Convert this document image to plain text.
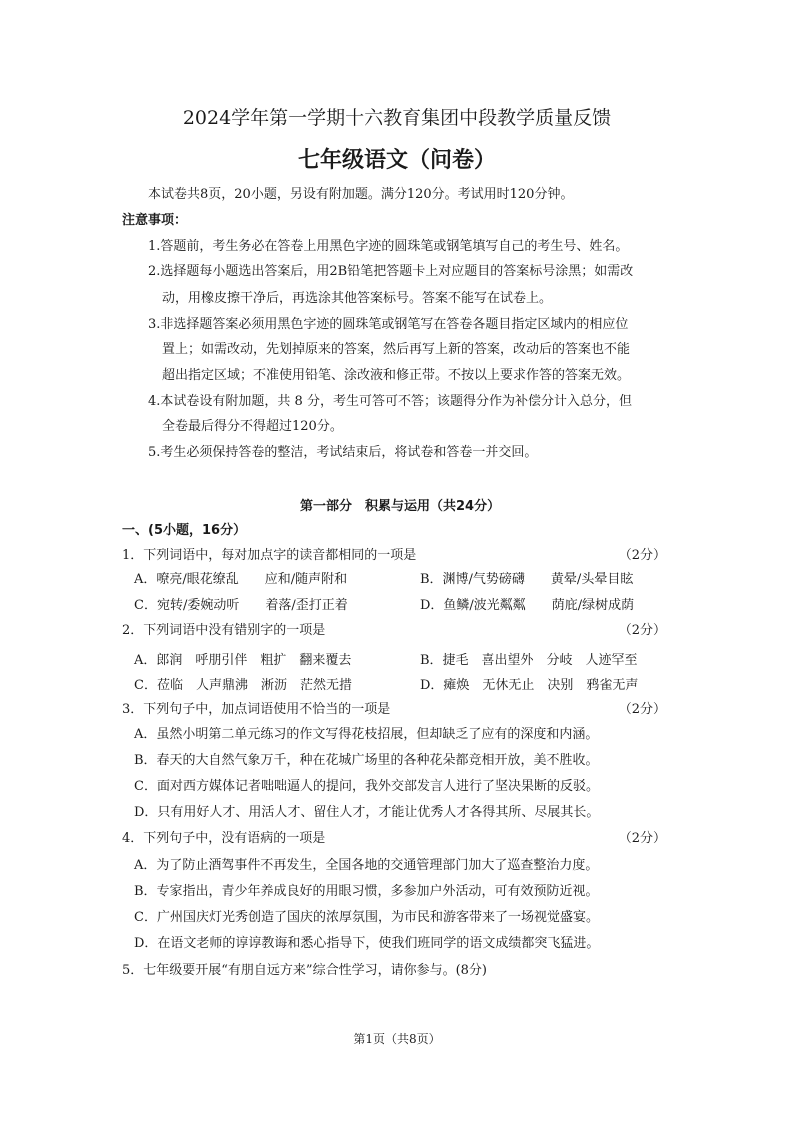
2024学年第一学期十六教育集团中段教学质量反馈
七年级语文（问卷）
本试卷共8页，20小题，另设有附加题。满分120分。考试用时120分钟。
注意事项：
1.答题前，考生务必在答卷上用黑色字迹的圆珠笔或钢笔填写自己的考生号、姓名。
2.选择题每小题选出答案后，用2B铅笔把答题卡上对应题目的答案标号涂黑；如需改
动，用橡皮擦干净后，再选涂其他答案标号。答案不能写在试卷上。
3.非选择题答案必须用黑色字迹的圆珠笔或钢笔写在答卷各题目指定区域内的相应位
置上；如需改动，先划掉原来的答案，然后再写上新的答案，改动后的答案也不能
超出指定区域；不准使用铅笔、涂改液和修正带。不按以上要求作答的答案无效。
4.本试卷设有附加题，共 8 分，考生可答可不答；该题得分作为补偿分计入总分，但
全卷最后得分不得超过120分。
5.考生必须保持答卷的整洁，考试结束后，将试卷和答卷一并交回。
第一部分　积累与运用（共24分）
一、(5小题，16分）
1．下列词语中，每对加点字的读音都相同的一项是	（2分）
A．嘹亮/眼花缭乱　　应和/随声附和	B．渊博/气势磅礴　　黄晕/头晕目眩
C．宛转/委婉动听　　着落/歪打正着	D．鱼鳞/波光粼粼　　荫庇/绿树成荫
2．下列词语中没有错别字的一项是	（2分）
A．郎润　呼朋引伴　粗扩　翻来覆去	B．捷毛　喜出望外　分岐　人迹罕至
C．莅临　人声鼎沸　淅沥　茫然无措	D．瘫焕　无休无止　决别　鸦雀无声
3．下列句子中，加点词语使用不恰当的一项是	（2分）
A．虽然小明第二单元练习的作文写得花枝招展，但却缺乏了应有的深度和内涵。
B．春天的大自然气象万千，种在花城广场里的各种花朵都竞相开放，美不胜收。
C．面对西方媒体记者咄咄逼人的提问，我外交部发言人进行了坚决果断的反驳。
D．只有用好人才、用活人才、留住人才，才能让优秀人才各得其所、尽展其长。
4．下列句子中，没有语病的一项是	（2分）
A．为了防止酒驾事件不再发生，全国各地的交通管理部门加大了巡查整治力度。
B．专家指出，青少年养成良好的用眼习惯，多参加户外活动，可有效预防近视。
C．广州国庆灯光秀创造了国庆的浓厚氛围，为市民和游客带来了一场视觉盛宴。
D．在语文老师的谆谆教诲和悉心指导下，使我们班同学的语文成绩都突飞猛进。
5．七年级要开展“有朋自远方来”综合性学习，请你参与。(8分)
第1页（共8页）
